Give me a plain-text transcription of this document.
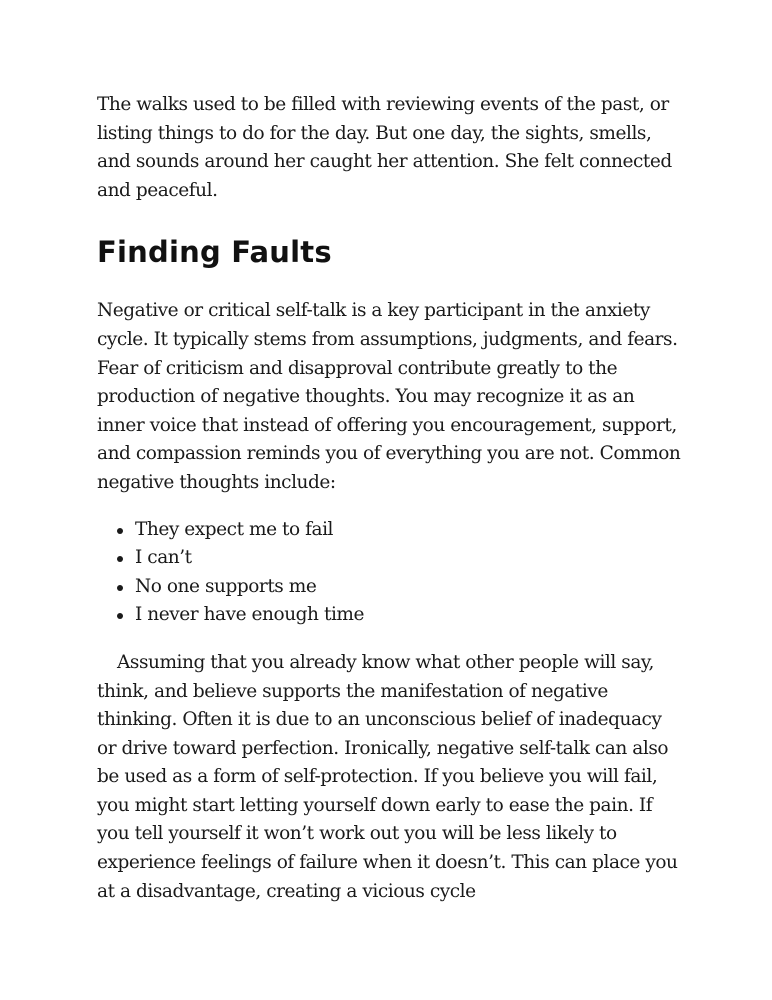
The walks used to be filled with reviewing events of the past, or listing things to do for the day. But one day, the sights, smells, and sounds around her caught her attention. She felt connected and peaceful.

Finding Faults

Negative or critical self-talk is a key participant in the anxiety cycle. It typically stems from assumptions, judgments, and fears. Fear of criticism and disapproval contribute greatly to the production of negative thoughts. You may recognize it as an inner voice that instead of offering you encouragement, support, and compassion reminds you of everything you are not. Common negative thoughts include:

They expect me to fail
I can’t
No one supports me
I never have enough time

Assuming that you already know what other people will say, think, and believe supports the manifestation of negative thinking. Often it is due to an unconscious belief of inadequacy or drive toward perfection. Ironically, negative self-talk can also be used as a form of self-protection. If you believe you will fail, you might start letting yourself down early to ease the pain. If you tell yourself it won’t work out you will be less likely to experience feelings of failure when it doesn’t. This can place you at a disadvantage, creating a vicious cycle
